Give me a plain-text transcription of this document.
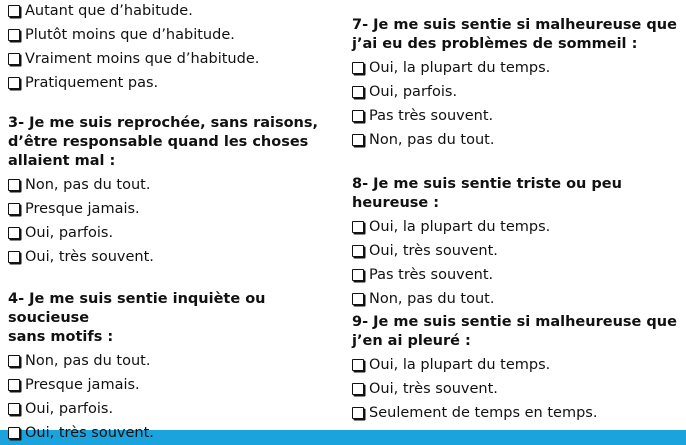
Autant que d’habitude.
Plutôt moins que d’habitude.
Vraiment moins que d’habitude.
Pratiquement pas.

3- Je me suis reprochée, sans raisons,
d’être responsable quand les choses
allaient mal :

Non, pas du tout.
Presque jamais.
Oui, parfois.
Oui, très souvent.

4- Je me suis sentie inquiète ou soucieuse
sans motifs :

Non, pas du tout.
Presque jamais.
Oui, parfois.
Oui, très souvent.

7- Je me suis sentie si malheureuse que
j’ai eu des problèmes de sommeil :

Oui, la plupart du temps.
Oui, parfois.
Pas très souvent.
Non, pas du tout.

8- Je me suis sentie triste ou peu heureuse :

Oui, la plupart du temps.
Oui, très souvent.
Pas très souvent.
Non, pas du tout.

9- Je me suis sentie si malheureuse que
j’en ai pleuré :

Oui, la plupart du temps.
Oui, très souvent.
Seulement de temps en temps.
